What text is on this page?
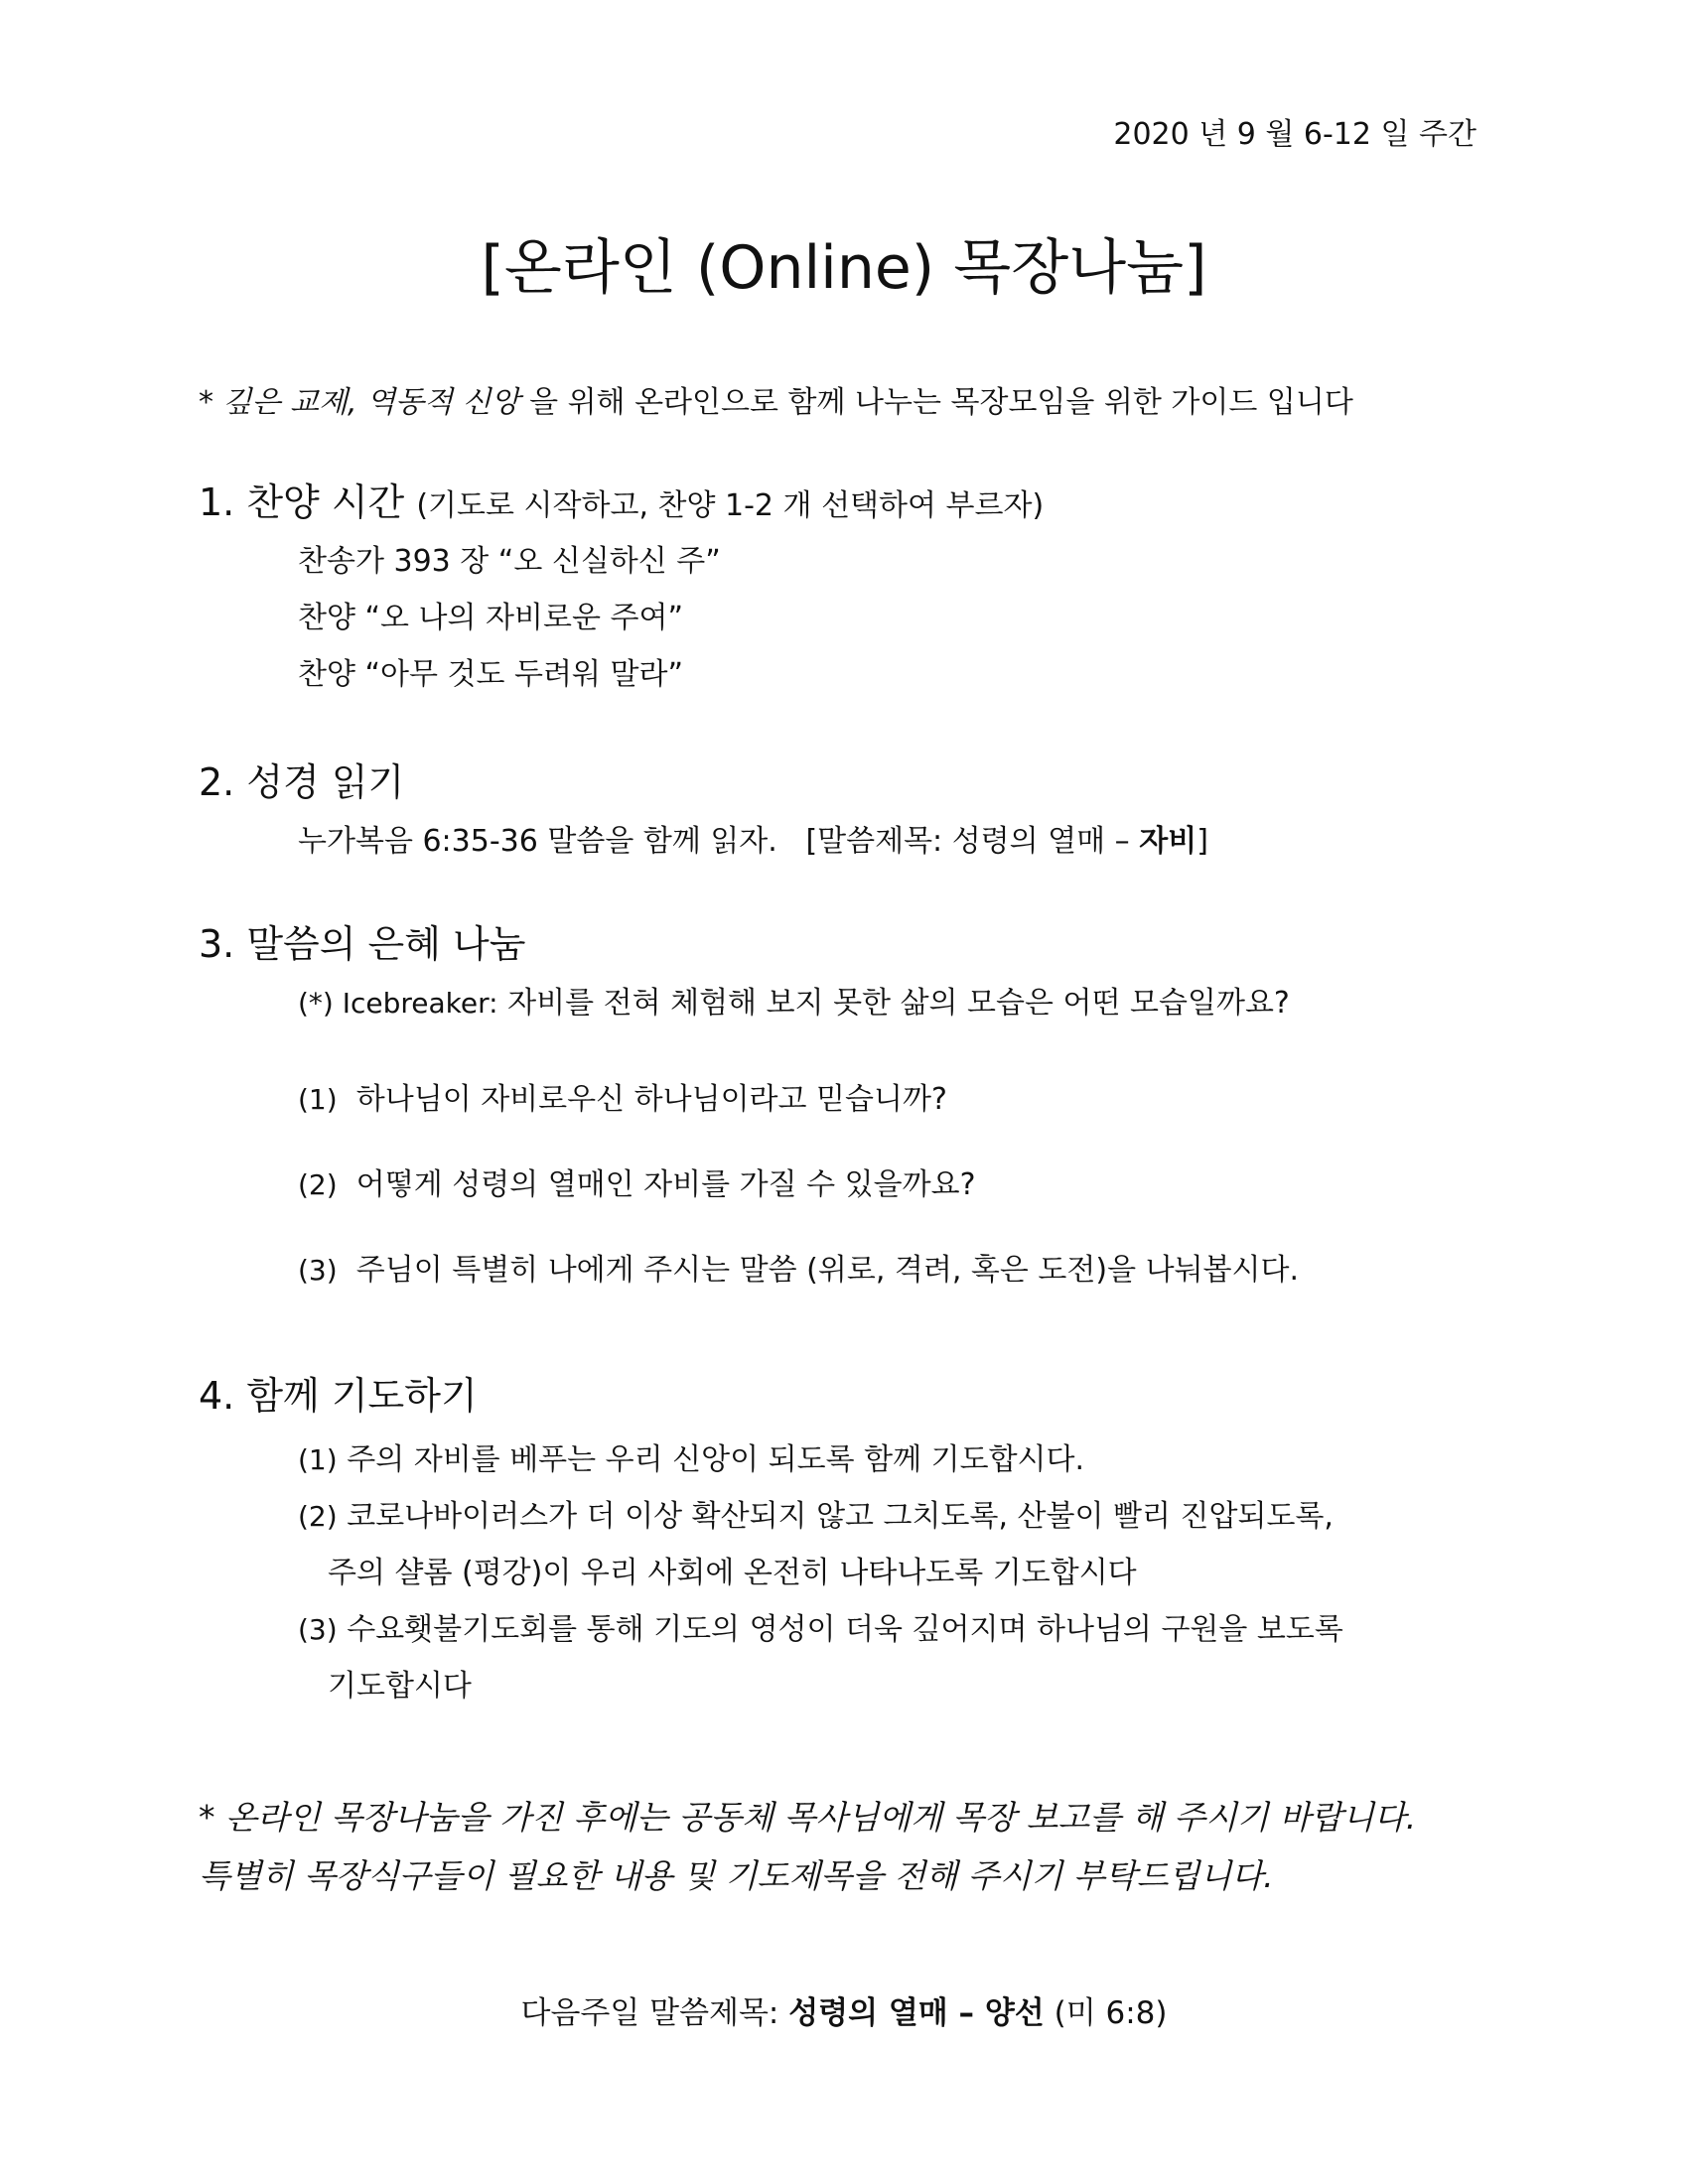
2020 년 9 월 6-12 일 주간
[온라인 (Online) 목장나눔]
* 깊은 교제, 역동적 신앙 을 위해 온라인으로 함께 나누는 목장모임을 위한 가이드 입니다
1. 찬양 시간 (기도로 시작하고, 찬양 1-2 개 선택하여 부르자)
찬송가 393 장 “오 신실하신 주”
찬양 “오 나의 자비로운 주여”
찬양 “아무 것도 두려워 말라”
2. 성경 읽기
누가복음 6:35-36 말씀을 함께 읽자. [말씀제목: 성령의 열매 – 자비]
3. 말씀의 은혜 나눔
(*) Icebreaker: 자비를 전혀 체험해 보지 못한 삶의 모습은 어떤 모습일까요?
(1) 하나님이 자비로우신 하나님이라고 믿습니까?
(2) 어떻게 성령의 열매인 자비를 가질 수 있을까요?
(3) 주님이 특별히 나에게 주시는 말씀 (위로, 격려, 혹은 도전)을 나눠봅시다.
4. 함께 기도하기
(1) 주의 자비를 베푸는 우리 신앙이 되도록 함께 기도합시다.
(2) 코로나바이러스가 더 이상 확산되지 않고 그치도록, 산불이 빨리 진압되도록,
주의 샬롬 (평강)이 우리 사회에 온전히 나타나도록 기도합시다
(3) 수요횃불기도회를 통해 기도의 영성이 더욱 깊어지며 하나님의 구원을 보도록
기도합시다
* 온라인 목장나눔을 가진 후에는 공동체 목사님에게 목장 보고를 해 주시기 바랍니다.
특별히 목장식구들이 필요한 내용 및 기도제목을 전해 주시기 부탁드립니다.
다음주일 말씀제목: 성령의 열매 – 양선 (미 6:8)
